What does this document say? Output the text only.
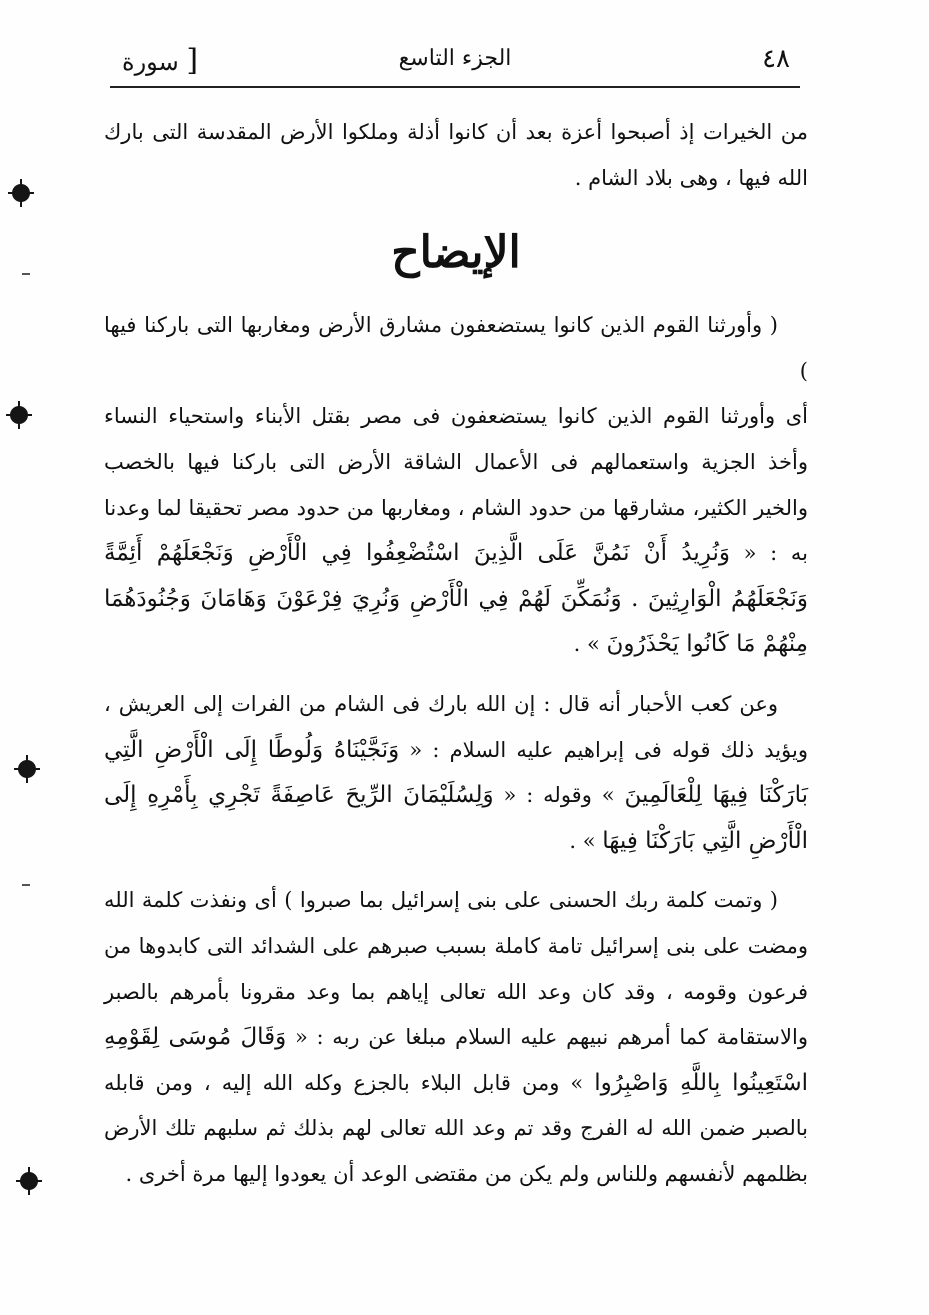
٤٨
الجزء التاسع
[ سورة

من الخيرات إذ أصبحوا أعزة بعد أن كانوا أذلة وملكوا الأرض المقدسة التى بارك الله فيها ، وهى بلاد الشام .

الإيضاح

( وأورثنا القوم الذين كانوا يستضعفون مشارق الأرض ومغاربها التى باركنا فيها )

أى وأورثنا القوم الذين كانوا يستضعفون فى مصر بقتل الأبناء واستحياء النساء وأخذ الجزية واستعمالهم فى الأعمال الشاقة الأرض التى باركنا فيها بالخصب والخير الكثير، مشارقها من حدود الشام ، ومغاربها من حدود مصر تحقيقا لما وعدنا به : « وَنُرِيدُ أَنْ نَمُنَّ عَلَى الَّذِينَ اسْتُضْعِفُوا فِي الْأَرْضِ وَنَجْعَلَهُمْ أَئِمَّةً وَنَجْعَلَهُمُ الْوَارِثِينَ . وَنُمَكِّنَ لَهُمْ فِي الْأَرْضِ وَنُرِيَ فِرْعَوْنَ وَهَامَانَ وَجُنُودَهُمَا مِنْهُمْ مَا كَانُوا يَحْذَرُونَ » .

وعن كعب الأحبار أنه قال : إن الله بارك فى الشام من الفرات إلى العريش ، ويؤيد ذلك قوله فى إبراهيم عليه السلام : « وَنَجَّيْنَاهُ وَلُوطًا إِلَى الْأَرْضِ الَّتِي بَارَكْنَا فِيهَا لِلْعَالَمِينَ » وقوله : « وَلِسُلَيْمَانَ الرِّيحَ عَاصِفَةً تَجْرِي بِأَمْرِهِ إِلَى الْأَرْضِ الَّتِي بَارَكْنَا فِيهَا » .

( وتمت كلمة ربك الحسنى على بنى إسرائيل بما صبروا ) أى ونفذت كلمة الله ومضت على بنى إسرائيل تامة كاملة بسبب صبرهم على الشدائد التى كابدوها من فرعون وقومه ، وقد كان وعد الله تعالى إياهم بما وعد مقرونا بأمرهم بالصبر والاستقامة كما أمرهم نبيهم عليه السلام مبلغا عن ربه : « وَقَالَ مُوسَى لِقَوْمِهِ اسْتَعِينُوا بِاللَّهِ وَاصْبِرُوا » ومن قابل البلاء بالجزع وكله الله إليه ، ومن قابله بالصبر ضمن الله له الفرج وقد تم وعد الله تعالى لهم بذلك ثم سلبهم تلك الأرض بظلمهم لأنفسهم وللناس ولم يكن من مقتضى الوعد أن يعودوا إليها مرة أخرى .
